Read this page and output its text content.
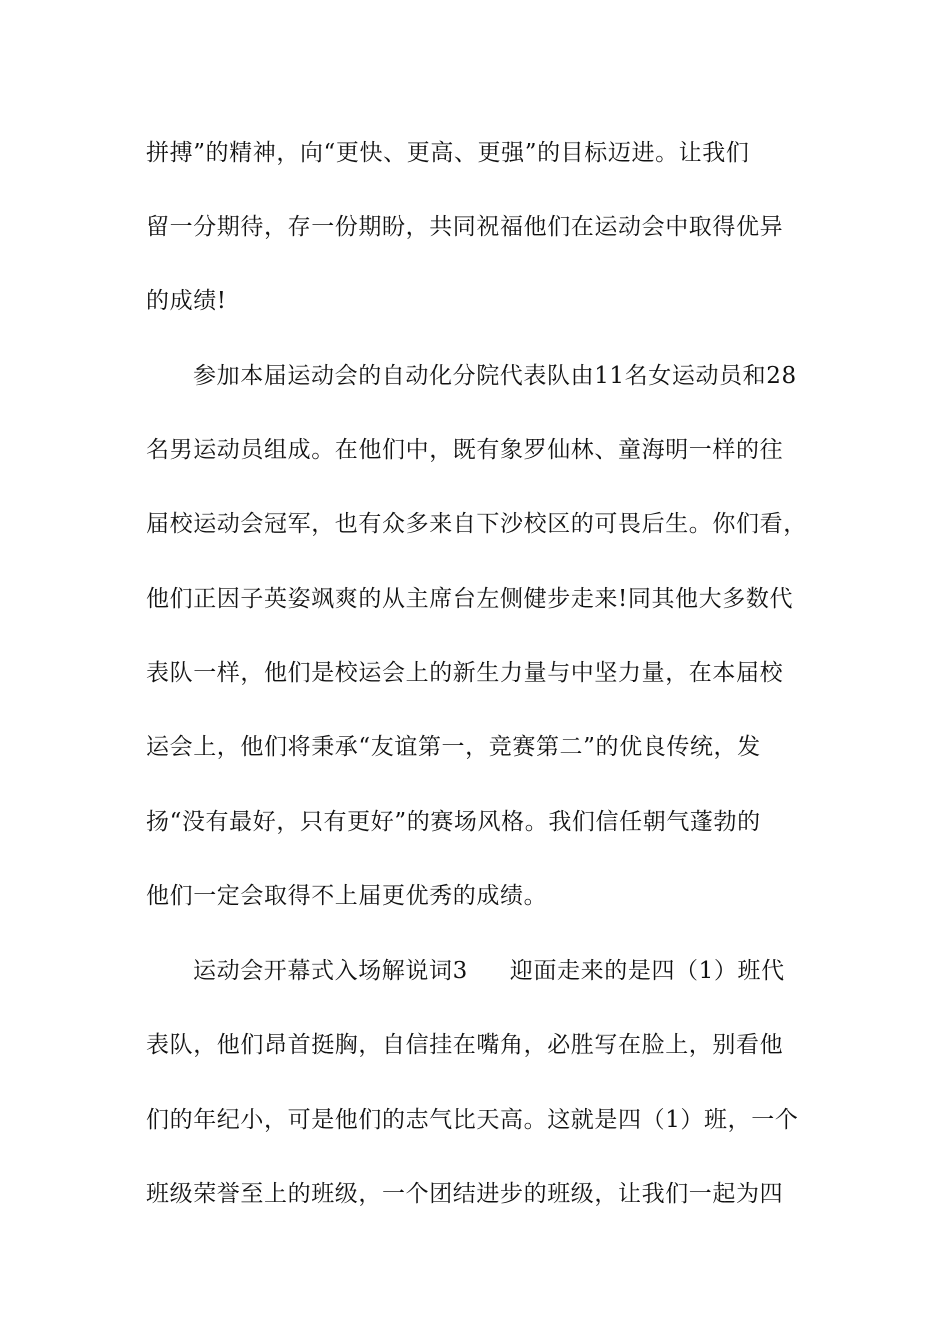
拼搏”的精神，向“更快、更高、更强”的目标迈进。让我们
留一分期待，存一份期盼，共同祝福他们在运动会中取得优异
的成绩!
参加本届运动会的自动化分院代表队由11名女运动员和28
名男运动员组成。在他们中，既有象罗仙林、童海明一样的往
届校运动会冠军，也有众多来自下沙校区的可畏后生。你们看，
他们正因子英姿飒爽的从主席台左侧健步走来!同其他大多数代
表队一样，他们是校运会上的新生力量与中坚力量，在本届校
运会上，他们将秉承“友谊第一，竞赛第二”的优良传统，发
扬“没有最好，只有更好”的赛场风格。我们信任朝气蓬勃的
他们一定会取得不上届更优秀的成绩。
运动会开幕式入场解说词3 迎面走来的是四（1）班代
表队，他们昂首挺胸，自信挂在嘴角，必胜写在脸上，别看他
们的年纪小，可是他们的志气比天高。这就是四（1）班，一个
班级荣誉至上的班级，一个团结进步的班级，让我们一起为四
